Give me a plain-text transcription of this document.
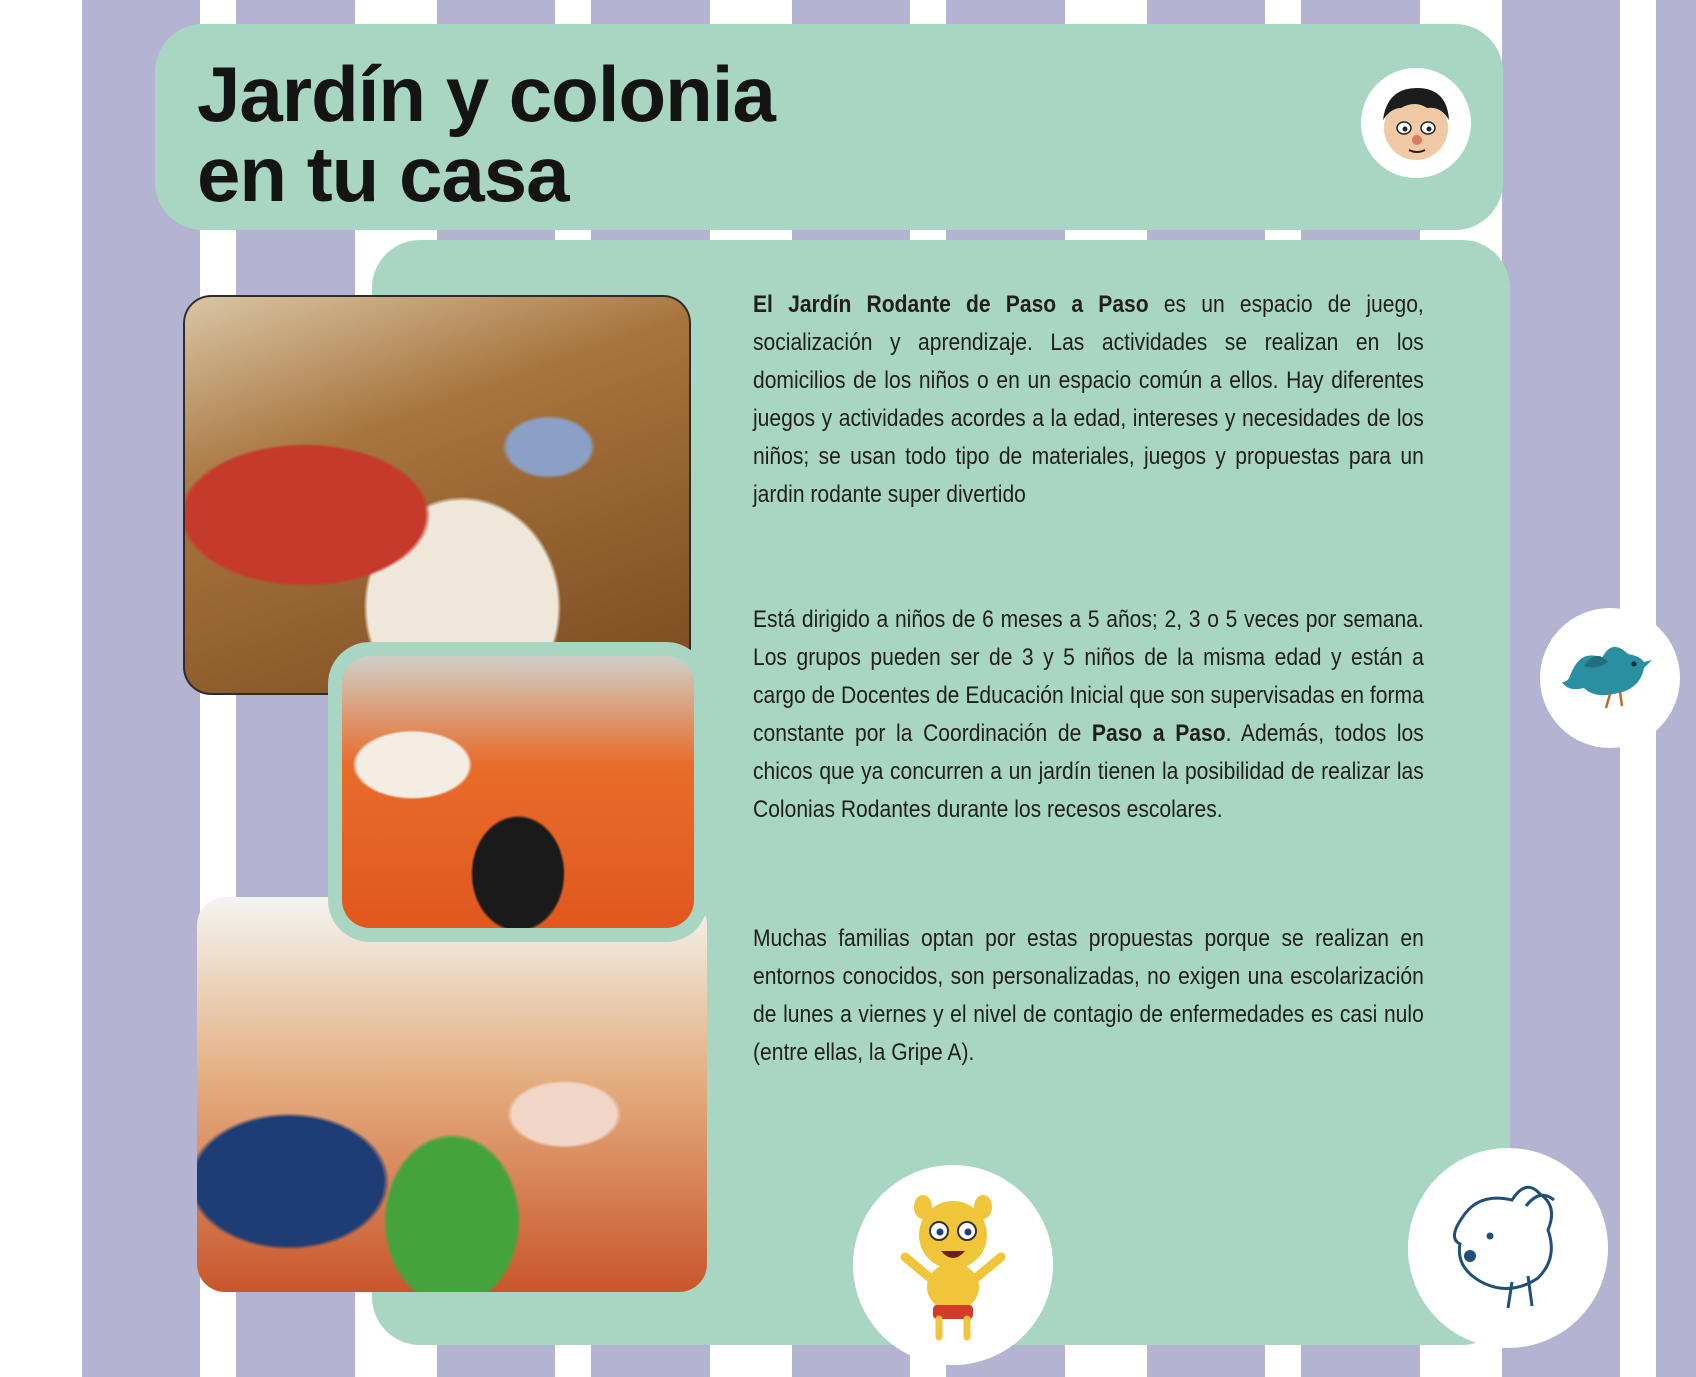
Jardín y colonia
en tu casa

El Jardín Rodante de Paso a Paso es un espacio de juego, socialización y aprendizaje. Las actividades se realizan en los domicilios de los niños o en un espacio común a ellos. Hay diferentes juegos y actividades acordes a la edad, intereses y necesidades de los niños; se usan todo tipo de materiales, juegos y propuestas para un jardin rodante super divertido

Está dirigido a niños de 6 meses a 5 años; 2, 3 o 5 veces por semana. Los grupos pueden ser de 3 y 5 niños de la misma edad y están a cargo de Docentes de Educación Inicial que son supervisadas en forma constante por la Coordinación de Paso a Paso. Además, todos los chicos que ya concurren a un jardín tienen la posibilidad de realizar las Colonias Rodantes durante los recesos escolares.

Muchas familias optan por estas propuestas porque se realizan en entornos conocidos, son personalizadas, no exigen una escolarización de lunes a viernes y el nivel de contagio de enfermedades es casi nulo (entre ellas, la Gripe A).
